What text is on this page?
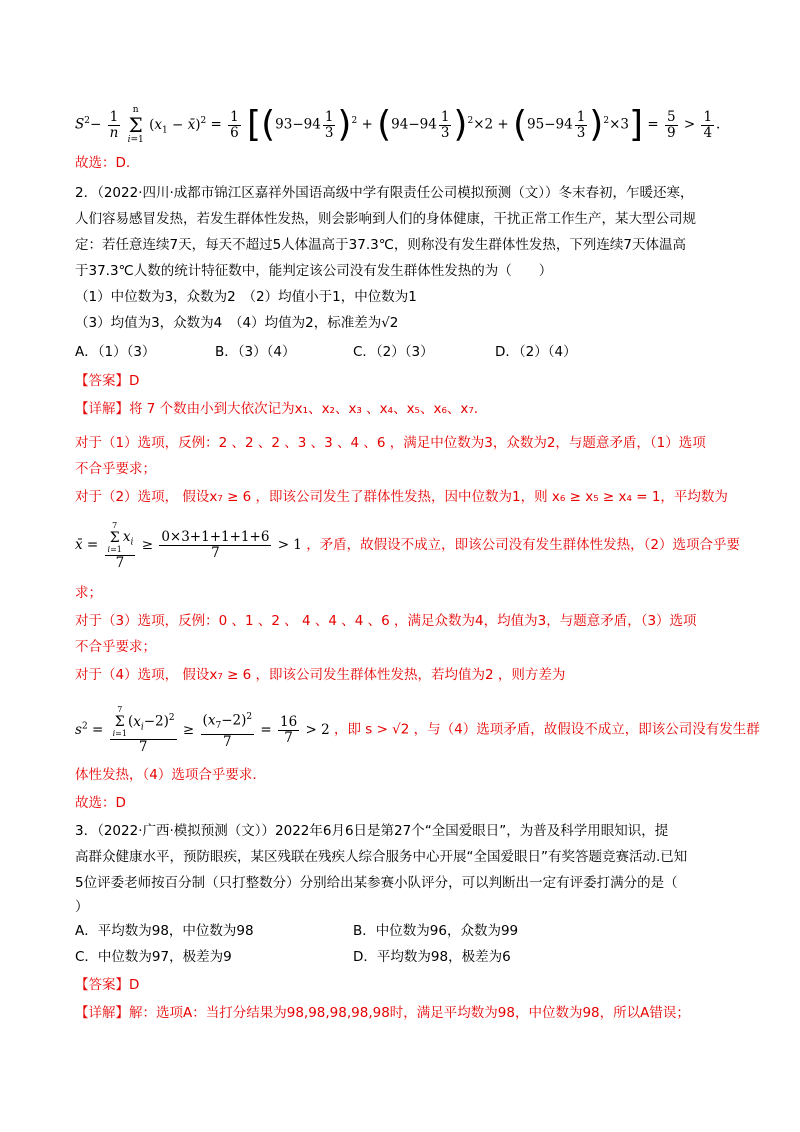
$S^2- \frac{1}{n}$ n
Σ
i=1 ($x_1$ − x̄)$^2$ = $\frac{1}{6} [(93-94 \frac{1}{3} )^2 + (94-94 \frac{1}{3} )^2\times 2 + (95-94 \frac{1}{3} )^2\times 3] = \frac{5}{9} > \frac{1}{4}$ .
故选：D.
2．（2022·四川·成都市锦江区嘉祥外国语高级中学有限责任公司模拟预测（文））冬末春初，乍暖还寒，
人们容易感冒发热，若发生群体性发热，则会影响到人们的身体健康，干扰正常工作生产，某大型公司规
定：若任意连续7天，每天不超过5人体温高于37.3℃，则称没有发生群体性发热，下列连续7天体温高
于37.3℃人数的统计特征数中，能判定该公司没有发生群体性发热的为（　　）
（1）中位数为3，众数为2　（2）均值小于1，中位数为1
（3）均值为3，众数为4　（4）均值为2，标准差为√2
A．（1）（3）	B．（3）（4）	C．（2）（3）	D．（2）（4）
【答案】D
【详解】将 7 个数由小到大依次记为x₁、x₂、x₃ 、x₄、x₅、x₆、x₇.
对于（1）选项，反例：2 、2 、2 、3 、3 、4 、6 ，满足中位数为3，众数为2，与题意矛盾，（1）选项
不合乎要求；
对于（2）选项， 假设x₇ ≥ 6 ，即该公司发生了群体性发热，因中位数为1，则 x₆ ≥ x₅ ≥ x₄ = 1，平均数为
x̄ =
7
Σ
$i=1x_i$
7
≥ $\frac{0\times 3+1+1+1+6}{7} > 1$ ，矛盾，故假设不成立，即该公司没有发生群体性发热，（2）选项合乎要
求；
对于（3）选项，反例：0 、1 、2 、 4 、4 、4 、6 ，满足众数为4，均值为3，与题意矛盾，（3）选项
不合乎要求；
对于（4）选项， 假设x₇ ≥ 6 ，即该公司发生群体性发热，若均值为2 ，则方差为
$s^2$ =
7
Σ
$i=1(x_i-2)^2$
7
≥ $\frac{(x_7-2)^2}{7} = \frac{16}{7} > 2$ ，即 s > √2 ，与（4）选项矛盾，故假设不成立，即该公司没有发生群
体性发热，（4）选项合乎要求.
故选：D
3．（2022·广西·模拟预测（文））2022年6月6日是第27个“全国爱眼日”，为普及科学用眼知识，提
高群众健康水平，预防眼疾，某区残联在残疾人综合服务中心开展“全国爱眼日”有奖答题竞赛活动.已知
5位评委老师按百分制（只打整数分）分别给出某参赛小队评分，可以判断出一定有评委打满分的是（
）
A．平均数为98，中位数为98	B．中位数为96，众数为99
C．中位数为97，极差为9	D．平均数为98，极差为6
【答案】D
【详解】解：选项A：当打分结果为98,98,98,98,98时，满足平均数为98，中位数为98，所以A错误；
